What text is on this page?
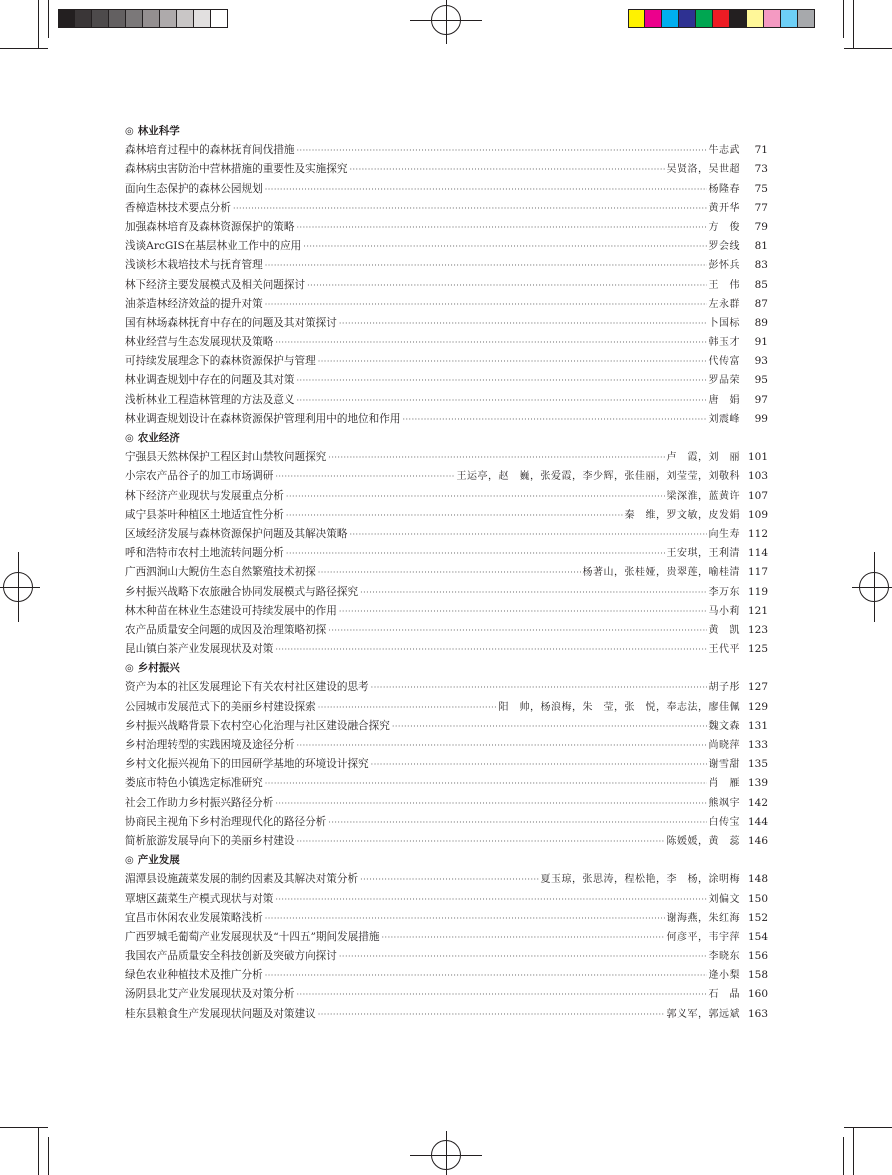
◎ 林业科学
森林培育过程中的森林抚育间伐措施 ·····	牛志武	71
森林病虫害防治中营林措施的重要性及实施探究 ·····	吴贤洛，吴世超	73
面向生态保护的森林公园规划 ·····	杨隆春	75
香樟造林技术要点分析 ·····	黄开华	77
加强森林培育及森林资源保护的策略 ·····	方　俊	79
浅谈ArcGIS在基层林业工作中的应用 ·····	罗会线	81
浅谈杉木栽培技术与抚育管理 ·····	彭怀兵	83
林下经济主要发展模式及相关问题探讨 ·····	王　伟	85
油茶造林经济效益的提升对策 ·····	左永群	87
国有林场森林抚育中存在的问题及其对策探讨 ·····	卜国标	89
林业经营与生态发展现状及策略 ·····	韩玉才	91
可持续发展理念下的森林资源保护与管理 ·····	代传富	93
林业调查规划中存在的问题及其对策 ·····	罗品荣	95
浅析林业工程造林管理的方法及意义 ·····	唐　娟	97
林业调查规划设计在森林资源保护管理利用中的地位和作用 ·····	刘震峰	99
◎ 农业经济
宁强县天然林保护工程区封山禁牧问题探究 ·····	卢　霞，刘　丽 101
小宗农产品谷子的加工市场调研 ·····	王运亭，赵　巍，张爱霞，李少辉，张佳丽，刘莹莹，刘敬科 103
林下经济产业现状与发展重点分析 ·····	梁深淮，蓝黄许 107
咸宁县茶叶种植区土地适宜性分析 ·····	秦　维，罗文敏，皮发娟 109
区域经济发展与森林资源保护问题及其解决策略 ·····	向生寿 112
呼和浩特市农村土地流转问题分析 ·····	王安琪，王利清 114
广西泗涧山大鲵仿生态自然繁殖技术初探 ·····	杨著山，张桂娅，贵翠莲，喻桂清 117
乡村振兴战略下农旅融合协同发展模式与路径探究 ·····	李万东 119
林木种苗在林业生态建设可持续发展中的作用 ·····	马小莉 121
农产品质量安全问题的成因及治理策略初探 ·····	黄　凯 123
昆山镇白茶产业发展现状及对策 ·····	王代平 125
◎ 乡村振兴
资产为本的社区发展理论下有关农村社区建设的思考 ·····	胡子彤 127
公园城市发展范式下的美丽乡村建设探索 ·····	阳　帅，杨浪梅，朱　莹，张　悦，奉志法，廖佳佩 129
乡村振兴战略背景下农村空心化治理与社区建设融合探究 ·····	魏文森 131
乡村治理转型的实践困境及途径分析 ·····	尚晓萍 133
乡村文化振兴视角下的田园研学基地的环境设计探究 ·····	谢雪甜 135
娄底市特色小镇选定标准研究 ·····	肖　雁 139
社会工作助力乡村振兴路径分析 ·····	熊飒宇 142
协商民主视角下乡村治理现代化的路径分析 ·····	白传宝 144
简析旅游发展导向下的美丽乡村建设 ·····	陈媛媛，黄　蕊 146
◎ 产业发展
湄潭县设施蔬菜发展的制约因素及其解决对策分析 ·····	夏玉琼，张思涛，程松艳，李　杨，涂明梅 148
覃塘区蔬菜生产模式现状与对策 ·····	刘偏文 150
宜昌市休闲农业发展策略浅析 ·····	谢海燕，朱红海 152
广西罗城毛葡萄产业发展现状及“十四五”期间发展措施 ·····	何彦平，韦宇萍 154
我国农产品质量安全科技创新及突破方向探讨 ·····	李晓东 156
绿色农业种植技术及推广分析 ·····	逄小梨 158
汤阴县北艾产业发展现状及对策分析 ·····	石　晶 160
桂东县粮食生产发展现状问题及对策建议 ·····	郭义军，郭远斌 163
